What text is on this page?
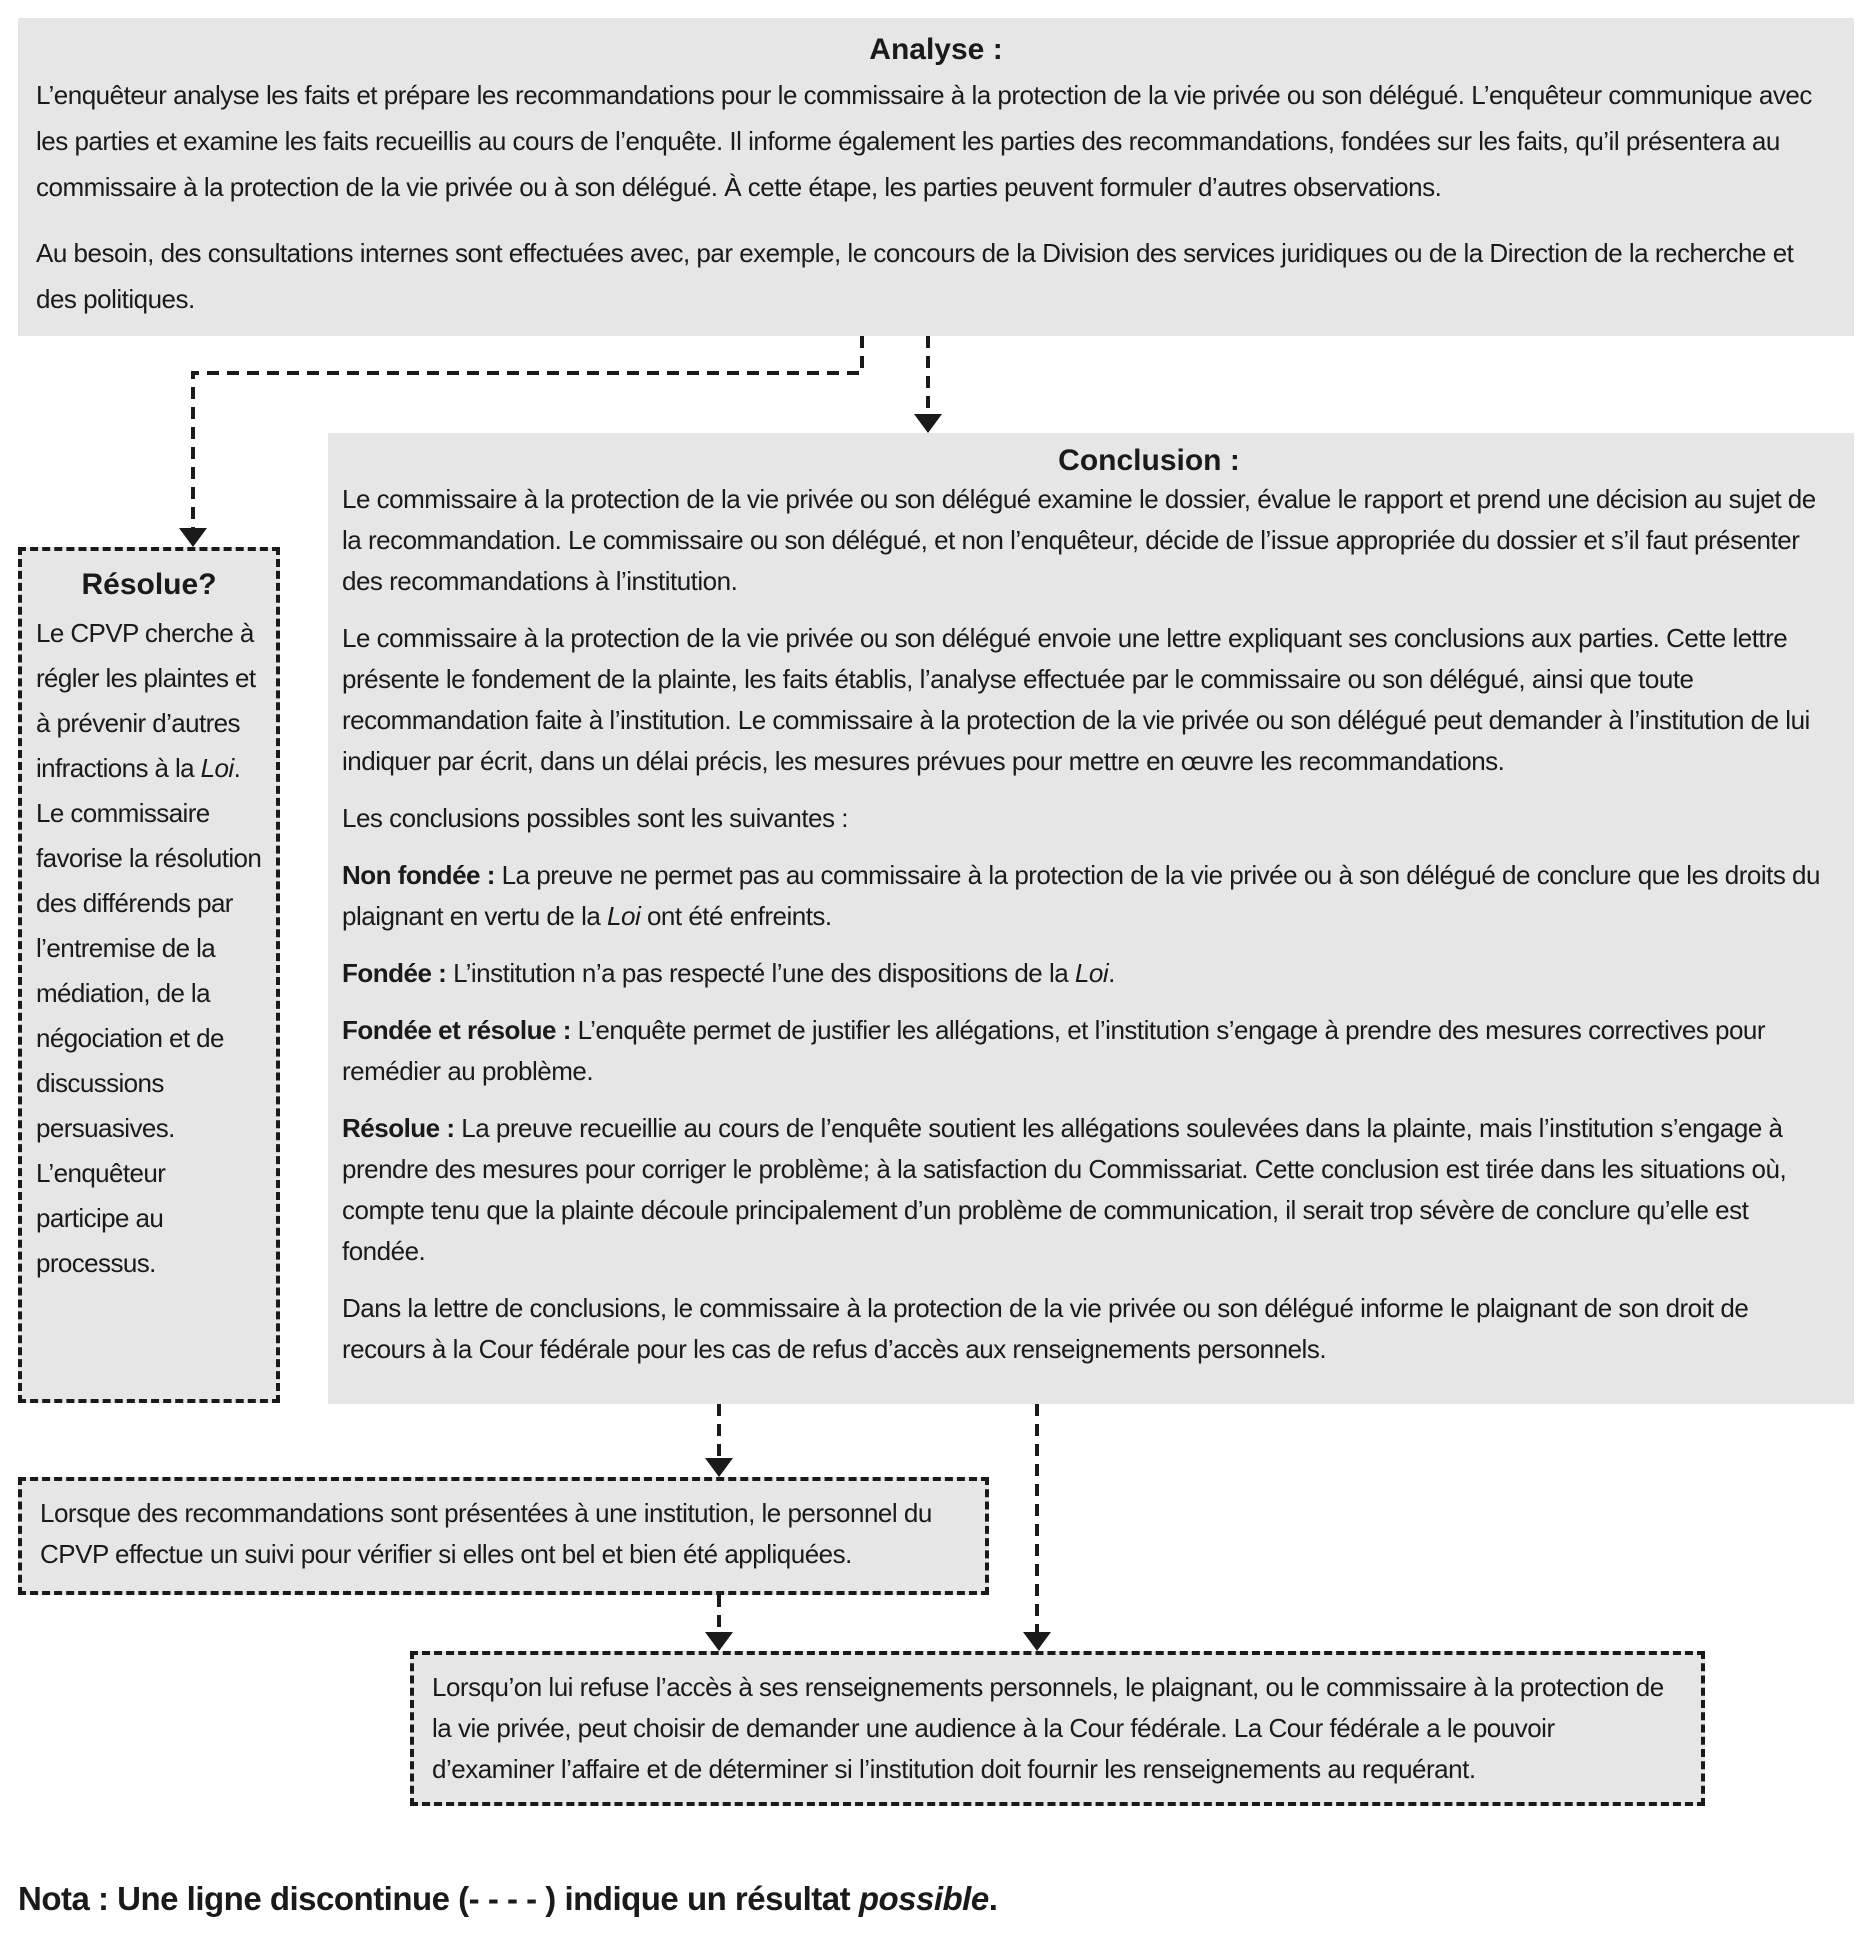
Analyse :

L’enquêteur analyse les faits et prépare les recommandations pour le commissaire à la protection de la vie privée ou son délégué. L’enquêteur communique avec les parties et examine les faits recueillis au cours de l’enquête. Il informe également les parties des recommandations, fondées sur les faits, qu’il présentera au commissaire à la protection de la vie privée ou à son délégué. À cette étape, les parties peuvent formuler d’autres observations.

Au besoin, des consultations internes sont effectuées avec, par exemple, le concours de la Division des services juridiques ou de la Direction de la recherche et des politiques.

Résolue?

Le CPVP cherche à régler les plaintes et à prévenir d’autres infractions à la Loi. Le commissaire favorise la résolution des différends par l’entremise de la médiation, de la négociation et de discussions persuasives. L’enquêteur participe au processus.

Conclusion :

Le commissaire à la protection de la vie privée ou son délégué examine le dossier, évalue le rapport et prend une décision au sujet de la recommandation. Le commissaire ou son délégué, et non l’enquêteur, décide de l’issue appropriée du dossier et s’il faut présenter des recommandations à l’institution.

Le commissaire à la protection de la vie privée ou son délégué envoie une lettre expliquant ses conclusions aux parties. Cette lettre présente le fondement de la plainte, les faits établis, l’analyse effectuée par le commissaire ou son délégué, ainsi que toute recommandation faite à l’institution. Le commissaire à la protection de la vie privée ou son délégué peut demander à l’institution de lui indiquer par écrit, dans un délai précis, les mesures prévues pour mettre en œuvre les recommandations.

Les conclusions possibles sont les suivantes :

Non fondée : La preuve ne permet pas au commissaire à la protection de la vie privée ou à son délégué de conclure que les droits du plaignant en vertu de la Loi ont été enfreints.

Fondée : L’institution n’a pas respecté l’une des dispositions de la Loi.

Fondée et résolue : L’enquête permet de justifier les allégations, et l’institution s’engage à prendre des mesures correctives pour remédier au problème.

Résolue : La preuve recueillie au cours de l’enquête soutient les allégations soulevées dans la plainte, mais l’institution s’engage à prendre des mesures pour corriger le problème; à la satisfaction du Commissariat. Cette conclusion est tirée dans les situations où, compte tenu que la plainte découle principalement d’un problème de communication, il serait trop sévère de conclure qu’elle est fondée.

Dans la lettre de conclusions, le commissaire à la protection de la vie privée ou son délégué informe le plaignant de son droit de recours à la Cour fédérale pour les cas de refus d’accès aux renseignements personnels.

Lorsque des recommandations sont présentées à une institution, le personnel du CPVP effectue un suivi pour vérifier si elles ont bel et bien été appliquées.

Lorsqu’on lui refuse l’accès à ses renseignements personnels, le plaignant, ou le commissaire à la protection de la vie privée, peut choisir de demander une audience à la Cour fédérale. La Cour fédérale a le pouvoir d’examiner l’affaire et de déterminer si l’institution doit fournir les renseignements au requérant.

Nota : Une ligne discontinue (- - - - ) indique un résultat possible.
